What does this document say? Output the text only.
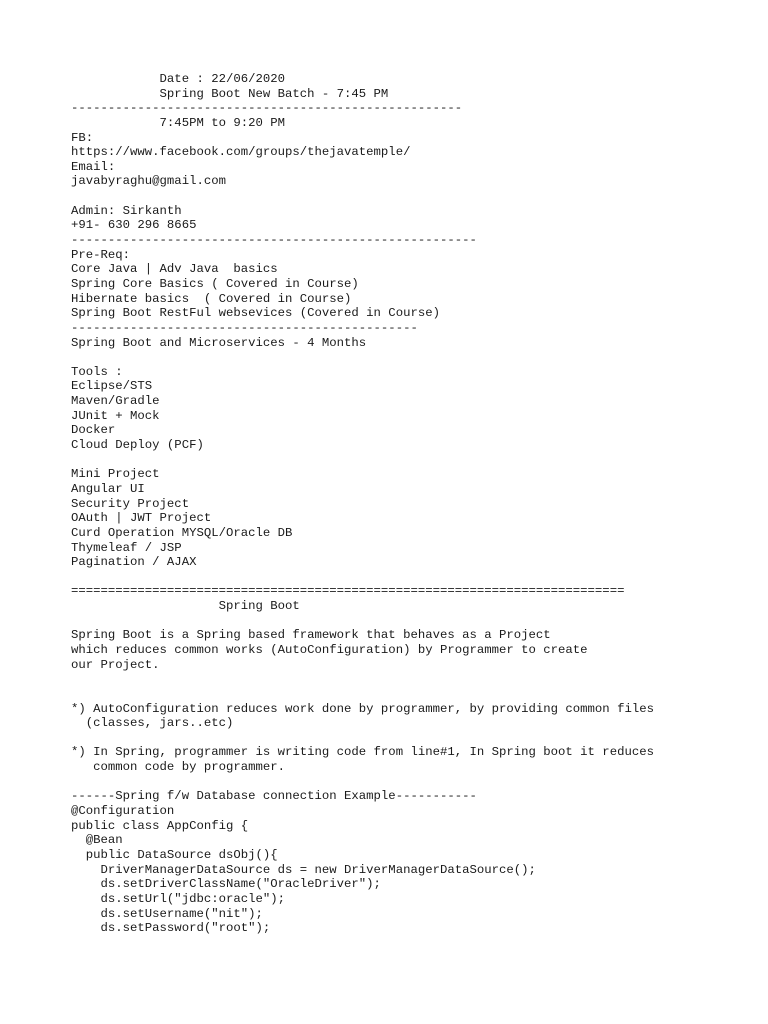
Date : 22/06/2020
Spring Boot New Batch - 7:45 PM
-----------------------------------------------------
7:45PM to 9:20 PM
FB:
https://www.facebook.com/groups/thejavatemple/
Email:
javabyraghu@gmail.com
Admin: Sirkanth
+91- 630 296 8665
-------------------------------------------------------
Pre-Req:
Core Java | Adv Java  basics
Spring Core Basics ( Covered in Course)
Hibernate basics  ( Covered in Course)
Spring Boot RestFul websevices (Covered in Course)
-----------------------------------------------
Spring Boot and Microservices - 4 Months
Tools :
Eclipse/STS
Maven/Gradle
JUnit + Mock
Docker
Cloud Deploy (PCF)
Mini Project
Angular UI
Security Project
OAuth | JWT Project
Curd Operation MYSQL/Oracle DB
Thymeleaf / JSP
Pagination / AJAX
===========================================================================
Spring Boot
Spring Boot is a Spring based framework that behaves as a Project
which reduces common works (AutoConfiguration) by Programmer to create
our Project.
*) AutoConfiguration reduces work done by programmer, by providing common files
(classes, jars..etc)
*) In Spring, programmer is writing code from line#1, In Spring boot it reduces
common code by programmer.
------Spring f/w Database connection Example-----------
@Configuration
public class AppConfig {
@Bean
public DataSource dsObj(){
DriverManagerDataSource ds = new DriverManagerDataSource();
ds.setDriverClassName("OracleDriver");
ds.setUrl("jdbc:oracle");
ds.setUsername("nit");
ds.setPassword("root");
